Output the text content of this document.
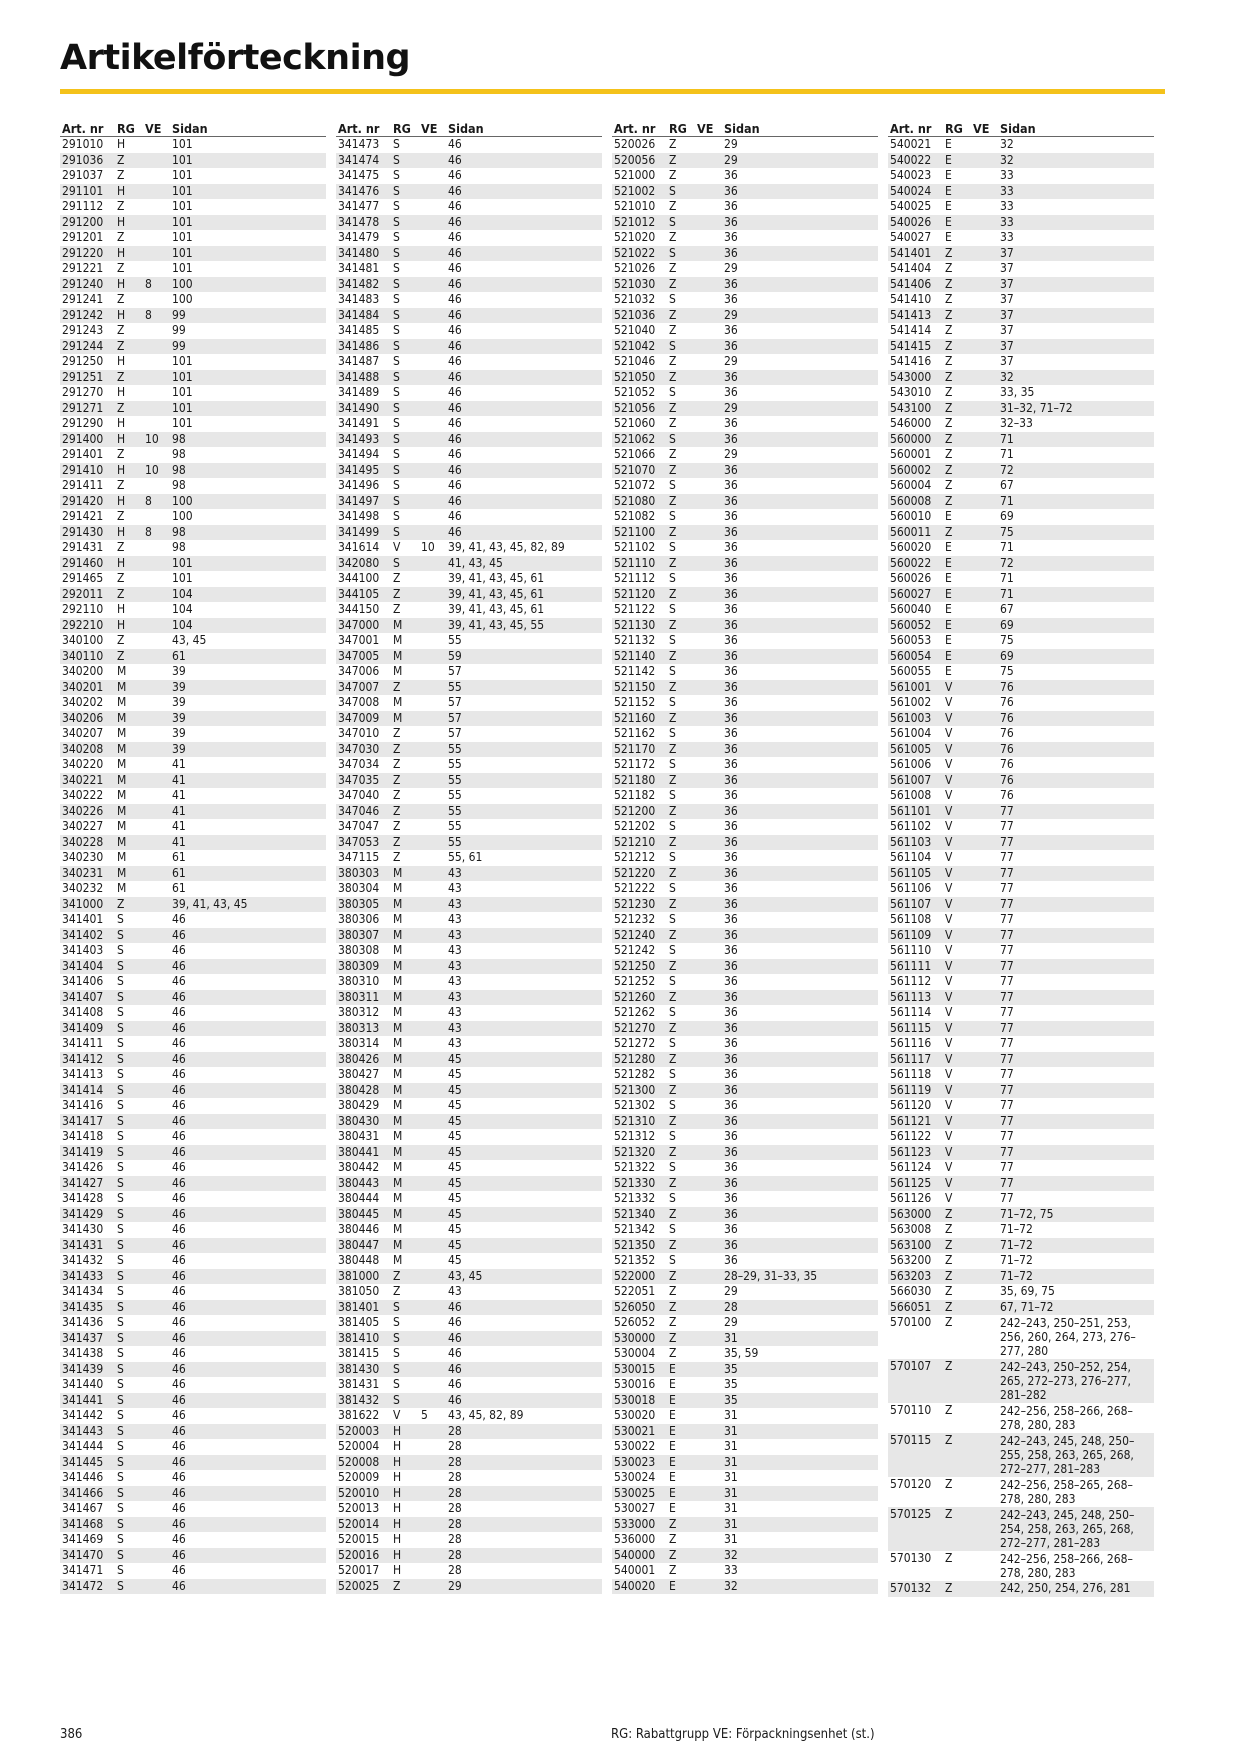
Artikelförteckning
Art. nr	RG	VE	Sidan
291010	H		101
291036	Z		101
291037	Z		101
291101	H		101
291112	Z		101
291200	H		101
291201	Z		101
291220	H		101
291221	Z		101
291240	H	8	100
291241	Z		100
291242	H	8	99
291243	Z		99
291244	Z		99
291250	H		101
291251	Z		101
291270	H		101
291271	Z		101
291290	H		101
291400	H	10	98
291401	Z		98
291410	H	10	98
291411	Z		98
291420	H	8	100
291421	Z		100
291430	H	8	98
291431	Z		98
291460	H		101
291465	Z		101
292011	Z		104
292110	H		104
292210	H		104
340100	Z		43, 45
340110	Z		61
340200	M		39
340201	M		39
340202	M		39
340206	M		39
340207	M		39
340208	M		39
340220	M		41
340221	M		41
340222	M		41
340226	M		41
340227	M		41
340228	M		41
340230	M		61
340231	M		61
340232	M		61
341000	Z		39, 41, 43, 45
341401	S		46
341402	S		46
341403	S		46
341404	S		46
341406	S		46
341407	S		46
341408	S		46
341409	S		46
341411	S		46
341412	S		46
341413	S		46
341414	S		46
341416	S		46
341417	S		46
341418	S		46
341419	S		46
341426	S		46
341427	S		46
341428	S		46
341429	S		46
341430	S		46
341431	S		46
341432	S		46
341433	S		46
341434	S		46
341435	S		46
341436	S		46
341437	S		46
341438	S		46
341439	S		46
341440	S		46
341441	S		46
341442	S		46
341443	S		46
341444	S		46
341445	S		46
341446	S		46
341466	S		46
341467	S		46
341468	S		46
341469	S		46
341470	S		46
341471	S		46
341472	S		46
Art. nr	RG	VE	Sidan
341473	S		46
341474	S		46
341475	S		46
341476	S		46
341477	S		46
341478	S		46
341479	S		46
341480	S		46
341481	S		46
341482	S		46
341483	S		46
341484	S		46
341485	S		46
341486	S		46
341487	S		46
341488	S		46
341489	S		46
341490	S		46
341491	S		46
341493	S		46
341494	S		46
341495	S		46
341496	S		46
341497	S		46
341498	S		46
341499	S		46
341614	V	10	39, 41, 43, 45, 82, 89
342080	S		41, 43, 45
344100	Z		39, 41, 43, 45, 61
344105	Z		39, 41, 43, 45, 61
344150	Z		39, 41, 43, 45, 61
347000	M		39, 41, 43, 45, 55
347001	M		55
347005	M		59
347006	M		57
347007	Z		55
347008	M		57
347009	M		57
347010	Z		57
347030	Z		55
347034	Z		55
347035	Z		55
347040	Z		55
347046	Z		55
347047	Z		55
347053	Z		55
347115	Z		55, 61
380303	M		43
380304	M		43
380305	M		43
380306	M		43
380307	M		43
380308	M		43
380309	M		43
380310	M		43
380311	M		43
380312	M		43
380313	M		43
380314	M		43
380426	M		45
380427	M		45
380428	M		45
380429	M		45
380430	M		45
380431	M		45
380441	M		45
380442	M		45
380443	M		45
380444	M		45
380445	M		45
380446	M		45
380447	M		45
380448	M		45
381000	Z		43, 45
381050	Z		43
381401	S		46
381405	S		46
381410	S		46
381415	S		46
381430	S		46
381431	S		46
381432	S		46
381622	V	5	43, 45, 82, 89
520003	H		28
520004	H		28
520008	H		28
520009	H		28
520010	H		28
520013	H		28
520014	H		28
520015	H		28
520016	H		28
520017	H		28
520025	Z		29
Art. nr	RG	VE	Sidan
520026	Z		29
520056	Z		29
521000	Z		36
521002	S		36
521010	Z		36
521012	S		36
521020	Z		36
521022	S		36
521026	Z		29
521030	Z		36
521032	S		36
521036	Z		29
521040	Z		36
521042	S		36
521046	Z		29
521050	Z		36
521052	S		36
521056	Z		29
521060	Z		36
521062	S		36
521066	Z		29
521070	Z		36
521072	S		36
521080	Z		36
521082	S		36
521100	Z		36
521102	S		36
521110	Z		36
521112	S		36
521120	Z		36
521122	S		36
521130	Z		36
521132	S		36
521140	Z		36
521142	S		36
521150	Z		36
521152	S		36
521160	Z		36
521162	S		36
521170	Z		36
521172	S		36
521180	Z		36
521182	S		36
521200	Z		36
521202	S		36
521210	Z		36
521212	S		36
521220	Z		36
521222	S		36
521230	Z		36
521232	S		36
521240	Z		36
521242	S		36
521250	Z		36
521252	S		36
521260	Z		36
521262	S		36
521270	Z		36
521272	S		36
521280	Z		36
521282	S		36
521300	Z		36
521302	S		36
521310	Z		36
521312	S		36
521320	Z		36
521322	S		36
521330	Z		36
521332	S		36
521340	Z		36
521342	S		36
521350	Z		36
521352	S		36
522000	Z		28–29, 31–33, 35
522051	Z		29
526050	Z		28
526052	Z		29
530000	Z		31
530004	Z		35, 59
530015	E		35
530016	E		35
530018	E		35
530020	E		31
530021	E		31
530022	E		31
530023	E		31
530024	E		31
530025	E		31
530027	E		31
533000	Z		31
536000	Z		31
540000	Z		32
540001	Z		33
540020	E		32
Art. nr	RG	VE	Sidan
540021	E		32
540022	E		32
540023	E		33
540024	E		33
540025	E		33
540026	E		33
540027	E		33
541401	Z		37
541404	Z		37
541406	Z		37
541410	Z		37
541413	Z		37
541414	Z		37
541415	Z		37
541416	Z		37
543000	Z		32
543010	Z		33, 35
543100	Z		31–32, 71–72
546000	Z		32–33
560000	Z		71
560001	Z		71
560002	Z		72
560004	Z		67
560008	Z		71
560010	E		69
560011	Z		75
560020	E		71
560022	E		72
560026	E		71
560027	E		71
560040	E		67
560052	E		69
560053	E		75
560054	E		69
560055	E		75
561001	V		76
561002	V		76
561003	V		76
561004	V		76
561005	V		76
561006	V		76
561007	V		76
561008	V		76
561101	V		77
561102	V		77
561103	V		77
561104	V		77
561105	V		77
561106	V		77
561107	V		77
561108	V		77
561109	V		77
561110	V		77
561111	V		77
561112	V		77
561113	V		77
561114	V		77
561115	V		77
561116	V		77
561117	V		77
561118	V		77
561119	V		77
561120	V		77
561121	V		77
561122	V		77
561123	V		77
561124	V		77
561125	V		77
561126	V		77
563000	Z		71–72, 75
563008	Z		71–72
563100	Z		71–72
563200	Z		71–72
563203	Z		71–72
566030	Z		35, 69, 75
566051	Z		67, 71–72
570100	Z		242–243, 250–251, 253, 256, 260, 264, 273, 276–277, 280
570107	Z		242–243, 250–252, 254, 265, 272–273, 276–277, 281–282
570110	Z		242–256, 258–266, 268–278, 280, 283
570115	Z		242–243, 245, 248, 250–255, 258, 263, 265, 268, 272–277, 281–283
570120	Z		242–256, 258–265, 268–278, 280, 283
570125	Z		242–243, 245, 248, 250–254, 258, 263, 265, 268, 272–277, 281–283
570130	Z		242–256, 258–266, 268–278, 280, 283
570132	Z		242, 250, 254, 276, 281
386	RG: Rabattgrupp VE: Förpackningsenhet (st.)
